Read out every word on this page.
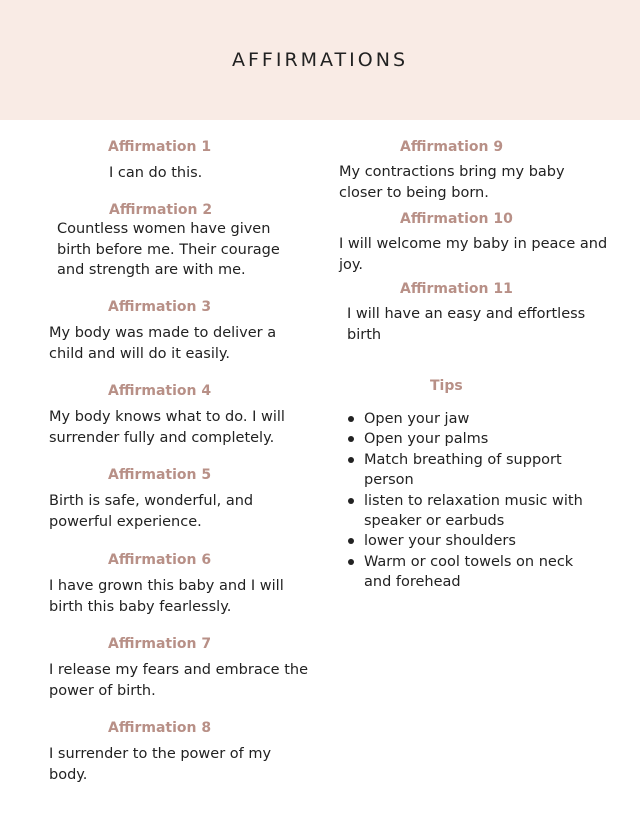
AFFIRMATIONS
Affirmation 1
I can do this.
Affirmation 2
Countless women have given birth before me. Their courage and strength are with me.
Affirmation 3
My body was made to deliver a child and will do it easily.
Affirmation 4
My body knows what to do. I will surrender fully and completely.
Affirmation 5
Birth is safe, wonderful, and powerful experience.
Affirmation 6
I have grown this baby and I will birth this baby fearlessly.
Affirmation 7
I release my fears and embrace the power of birth.
Affirmation 8
I surrender to the power of my body.
Affirmation 9
My contractions bring my baby closer to being born.
Affirmation 10
I will welcome my baby in peace and joy.
Affirmation 11
I will have an easy and effortless birth
Tips
Open your jaw
Open your palms
Match breathing of support person
listen to relaxation music with speaker or earbuds
lower your shoulders
Warm or cool towels on neck and forehead
